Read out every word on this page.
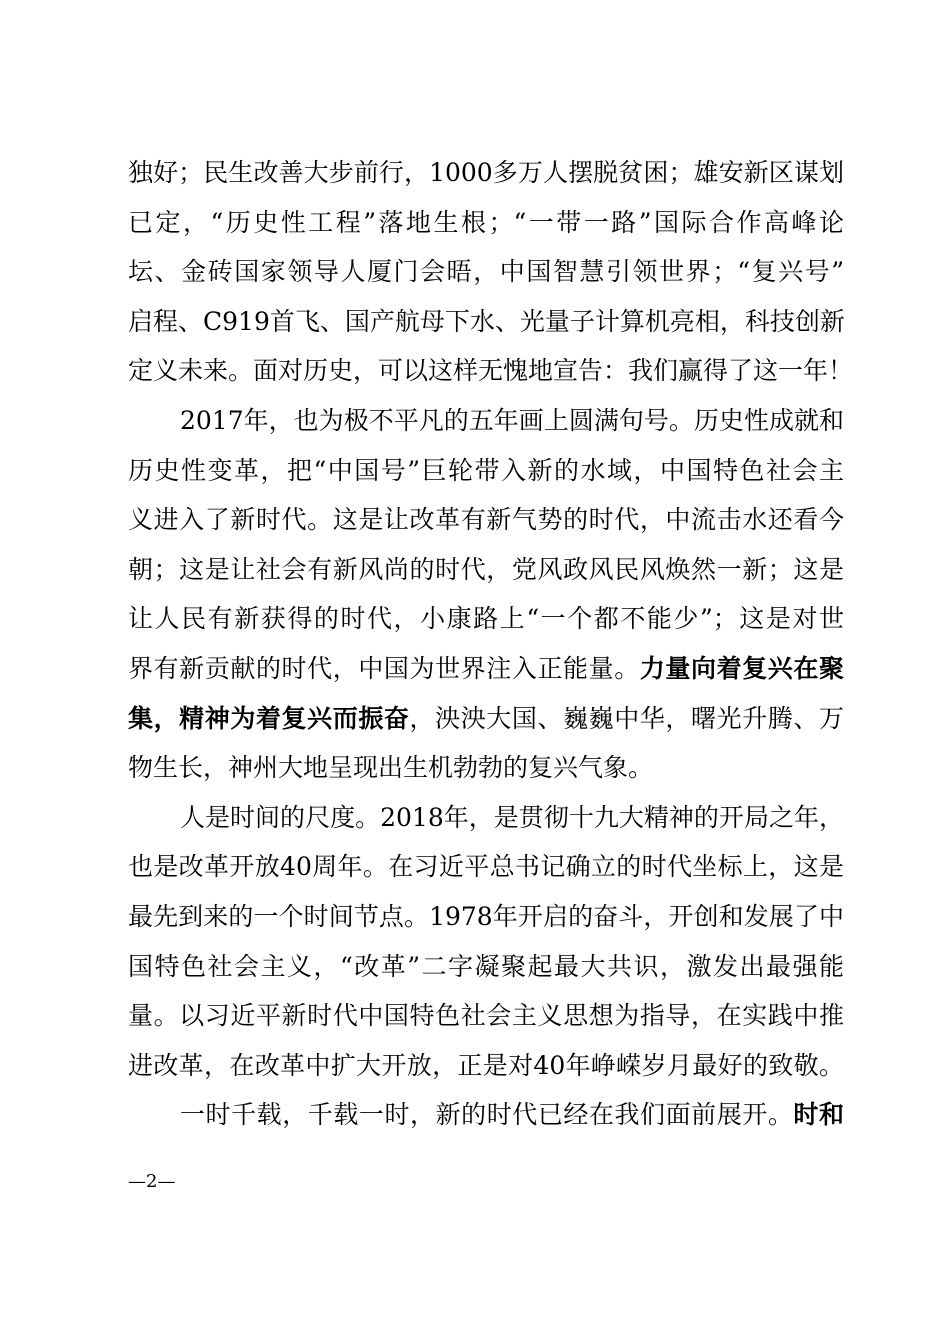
独好；民生改善大步前行，1000多万人摆脱贫困；雄安新区谋划
已定，“历史性工程”落地生根；“一带一路”国际合作高峰论
坛、金砖国家领导人厦门会晤，中国智慧引领世界；“复兴号”
启程、C919首飞、国产航母下水、光量子计算机亮相，科技创新
定义未来。面对历史，可以这样无愧地宣告：我们赢得了这一年！
2017年，也为极不平凡的五年画上圆满句号。历史性成就和
历史性变革，把“中国号”巨轮带入新的水域，中国特色社会主
义进入了新时代。这是让改革有新气势的时代，中流击水还看今
朝；这是让社会有新风尚的时代，党风政风民风焕然一新；这是
让人民有新获得的时代，小康路上“一个都不能少”；这是对世
界有新贡献的时代，中国为世界注入正能量。力量向着复兴在聚
集，精神为着复兴而振奋，泱泱大国、巍巍中华，曙光升腾、万
物生长，神州大地呈现出生机勃勃的复兴气象。
人是时间的尺度。2018年，是贯彻十九大精神的开局之年，
也是改革开放40周年。在习近平总书记确立的时代坐标上，这是
最先到来的一个时间节点。1978年开启的奋斗，开创和发展了中
国特色社会主义，“改革”二字凝聚起最大共识，激发出最强能
量。以习近平新时代中国特色社会主义思想为指导，在实践中推
进改革，在改革中扩大开放，正是对40年峥嵘岁月最好的致敬。
一时千载，千载一时，新的时代已经在我们面前展开。时和
—2—
